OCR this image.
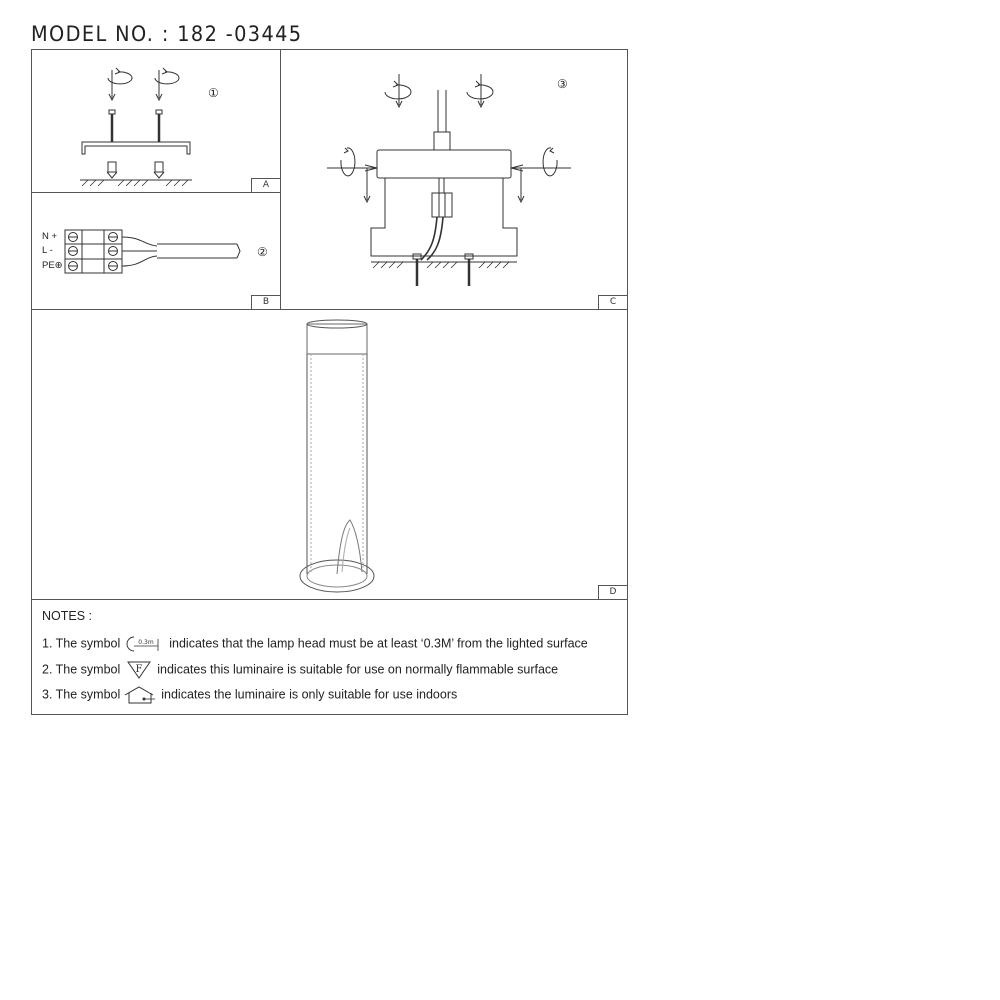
MODEL NO. : 182 -03445
①
A
N +
L -
PE⊕
②
B
③
C
D
NOTES :
1. The symbol	0.3m indicates that the lamp head must be at least ‘0.3M’ from the lighted surface
2. The symbol F indicates this luminaire is suitable for use on normally flammable surface
3. The symbol	indicates the luminaire is only suitable for use indoors
